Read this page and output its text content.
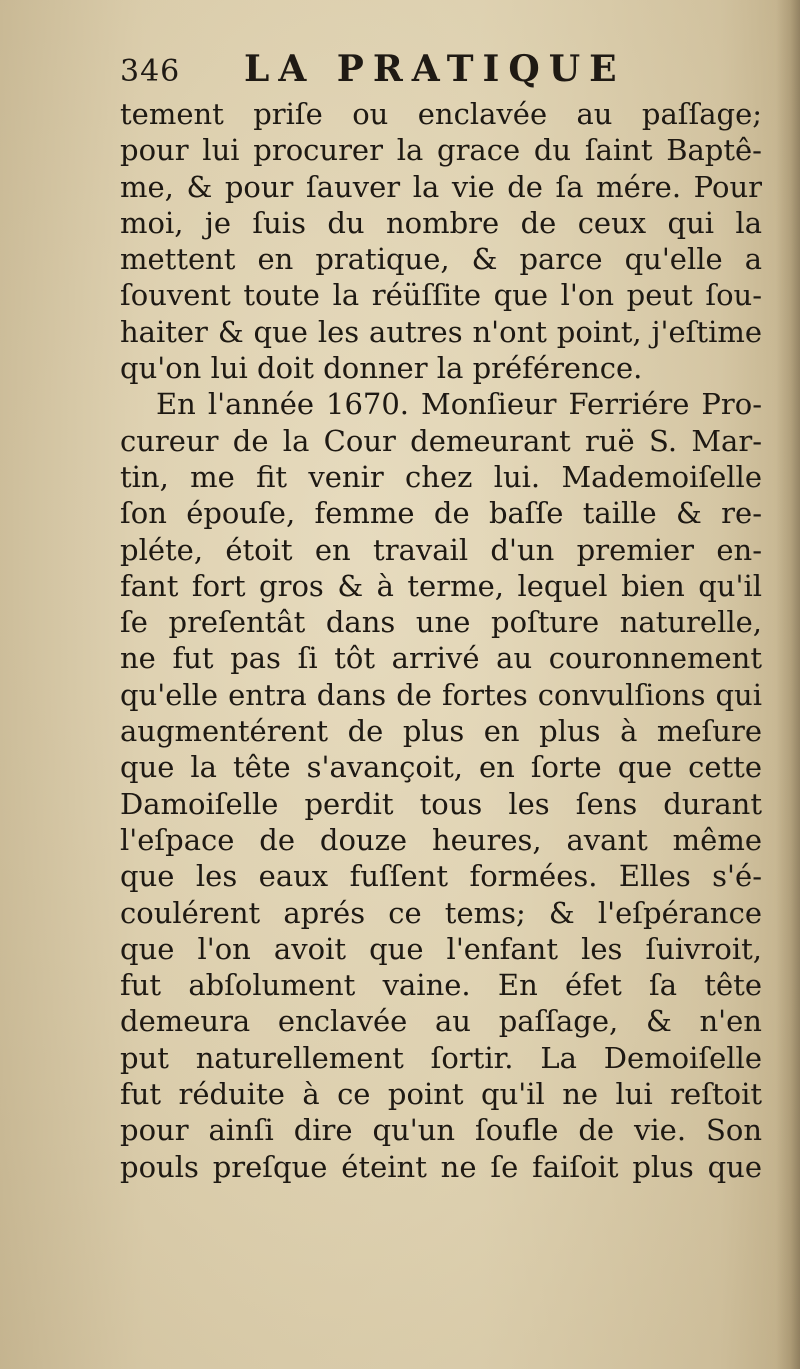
346 LA PRATIQUE
tement priſe ou enclavée au paſſage;
pour lui procurer la grace du ſaint Baptê-
me, & pour ſauver la vie de ſa mére. Pour
moi, je ſuis du nombre de ceux qui la
mettent en pratique, & parce qu'elle a
ſouvent toute la réüſſite que l'on peut ſou-
haiter & que les autres n'ont point, j'eſtime
qu'on lui doit donner la préférence.
En l'année 1670. Monſieur Ferriére Pro-
cureur de la Cour demeurant ruë S. Mar-
tin, me fit venir chez lui. Mademoiſelle
ſon épouſe, femme de baſſe taille & re-
pléte, étoit en travail d'un premier en-
fant fort gros & à terme, lequel bien qu'il
ſe preſentât dans une poſture naturelle,
ne fut pas ſi tôt arrivé au couronnement
qu'elle entra dans de fortes convulſions qui
augmentérent de plus en plus à meſure
que la tête s'avançoit, en ſorte que cette
Damoiſelle perdit tous les ſens durant
l'eſpace de douze heures, avant même
que les eaux fuſſent formées. Elles s'é-
coulérent aprés ce tems; & l'eſpérance
que l'on avoit que l'enfant les ſuivroit,
fut abſolument vaine. En éfet ſa tête
demeura enclavée au paſſage, & n'en
put naturellement ſortir. La Demoiſelle
fut réduite à ce point qu'il ne lui reſtoit
pour ainſi dire qu'un ſoufle de vie. Son
pouls preſque éteint ne ſe faiſoit plus que
